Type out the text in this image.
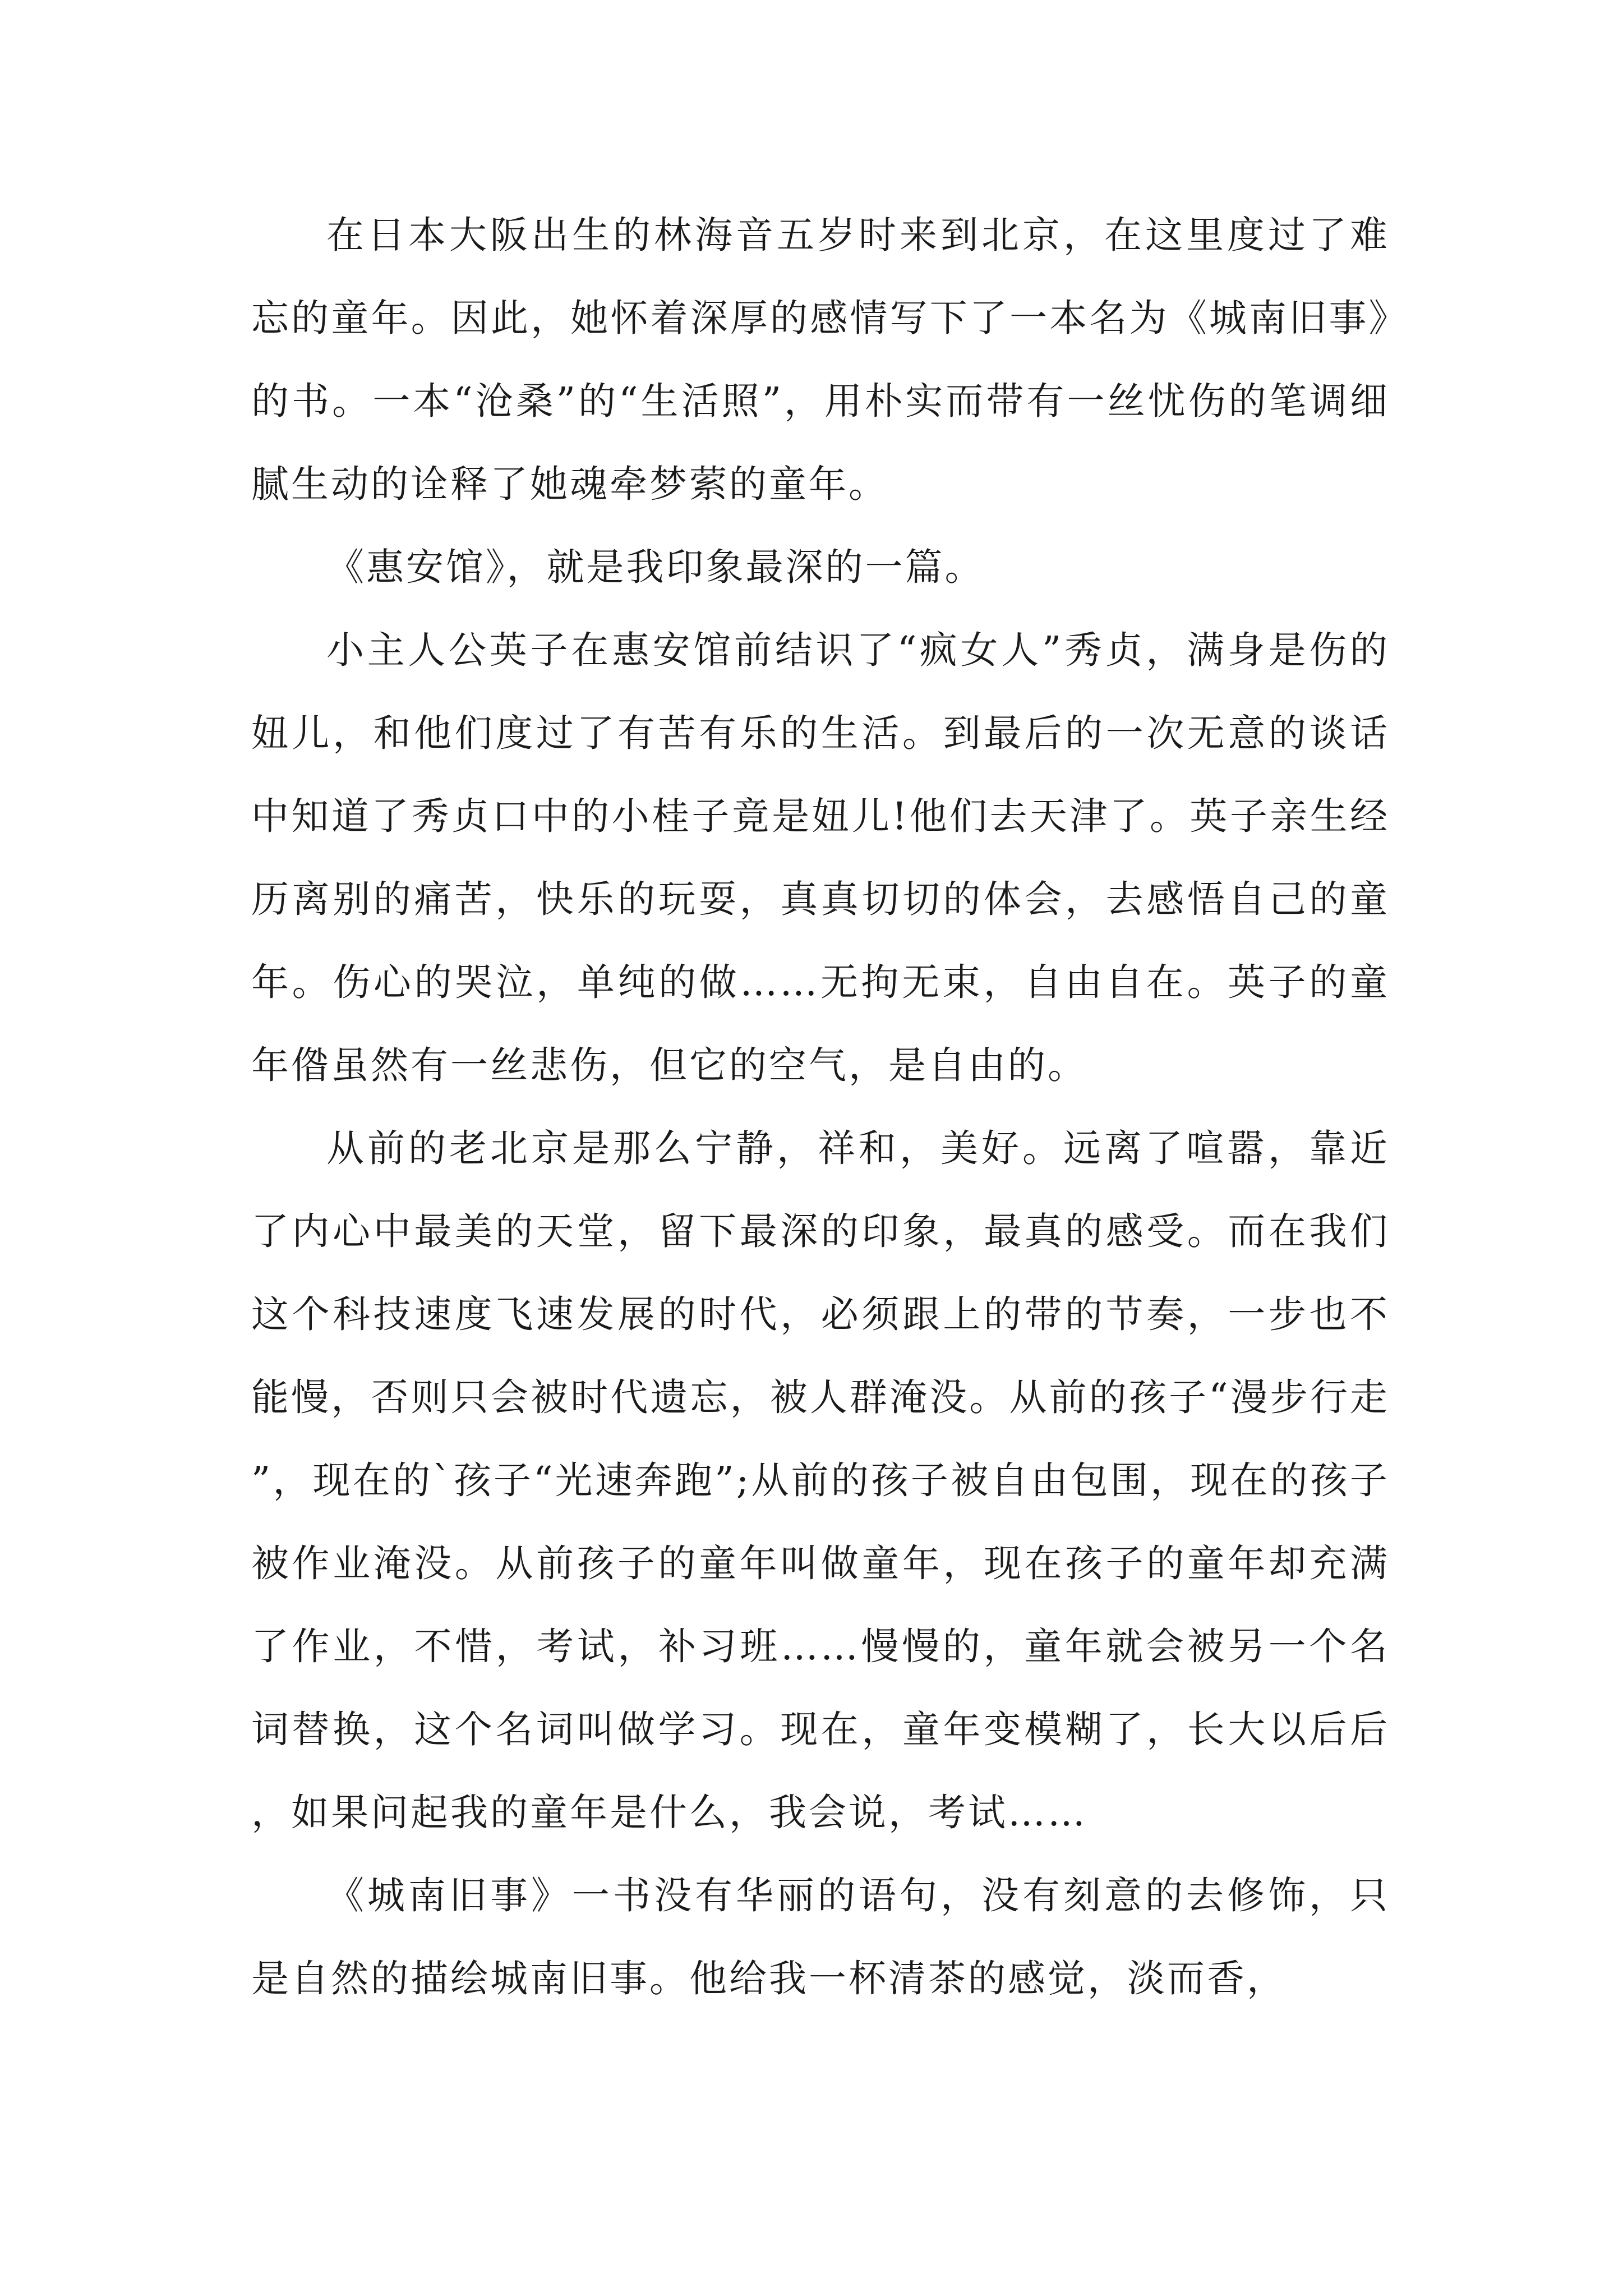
在日本大阪出生的林海音五岁时来到北京，在这里度过了难忘的童年。因此，她怀着深厚的感情写下了一本名为《城南旧事》的书。一本“沧桑”的“生活照”，用朴实而带有一丝忧伤的笔调细腻生动的诠释了她魂牵梦萦的童年。

《惠安馆》，就是我印象最深的一篇。

小主人公英子在惠安馆前结识了“疯女人”秀贞，满身是伤的妞儿，和他们度过了有苦有乐的生活。到最后的一次无意的谈话中知道了秀贞口中的小桂子竟是妞儿!他们去天津了。英子亲生经历离别的痛苦，快乐的玩耍，真真切切的体会，去感悟自己的童年。伤心的哭泣，单纯的做……无拘无束，自由自在。英子的童年偺虽然有一丝悲伤，但它的空气，是自由的。

从前的老北京是那么宁静，祥和，美好。远离了喧嚣，靠近了内心中最美的天堂，留下最深的印象，最真的感受。而在我们这个科技速度飞速发展的时代，必须跟上的带的节奏，一步也不能慢，否则只会被时代遗忘，被人群淹没。从前的孩子“漫步行走”，现在的`孩子“光速奔跑”;从前的孩子被自由包围，现在的孩子被作业淹没。从前孩子的童年叫做童年，现在孩子的童年却充满了作业，不惜，考试，补习班……慢慢的，童年就会被另一个名词替换，这个名词叫做学习。现在，童年变模糊了，长大以后后，如果问起我的童年是什么，我会说，考试……

《城南旧事》一书没有华丽的语句，没有刻意的去修饰，只是自然的描绘城南旧事。他给我一杯清茶的感觉，淡而香，
